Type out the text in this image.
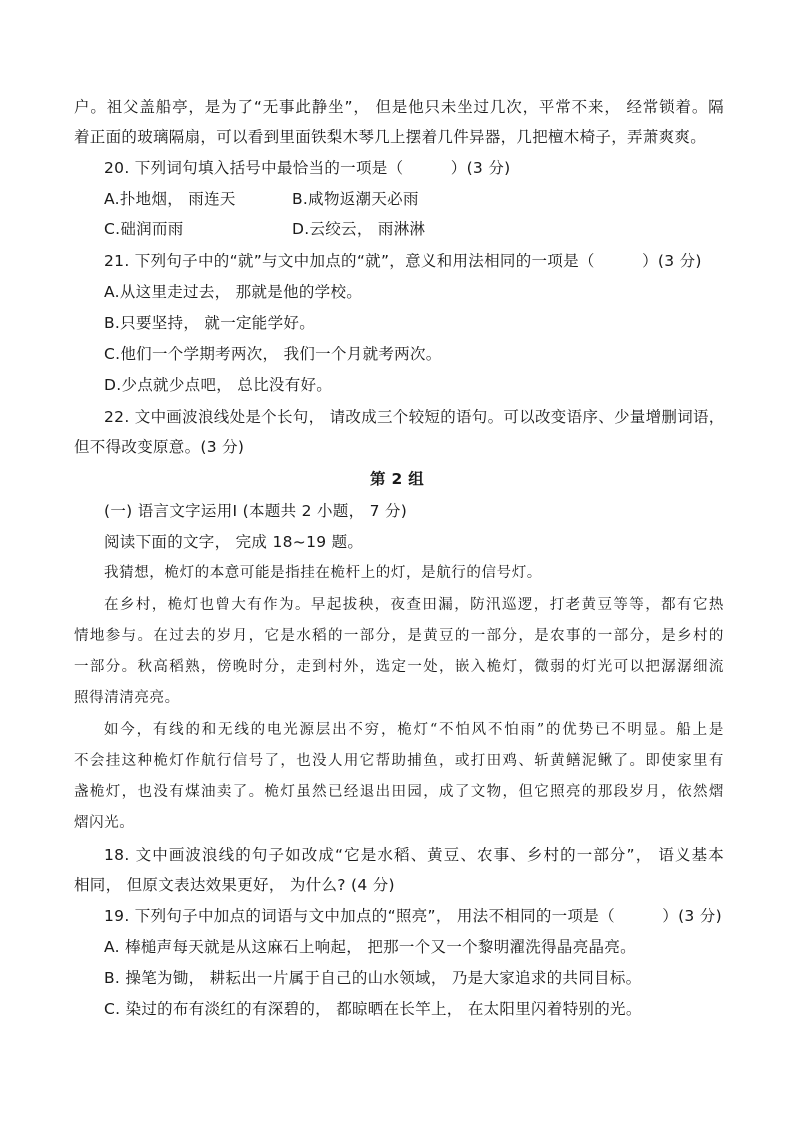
户。祖父盖船亭，是为了“无事此静坐”， 但是他只未坐过几次，平常不来， 经常锁着。隔
着正面的玻璃隔扇，可以看到里面铁梨木琴几上摆着几件异器，几把檀木椅子，弄萧爽爽。
20. 下列词句填入括号中最恰当的一项是（　　　）(3 分)
A.扑地烟， 雨连天	B.咸物返潮天必雨
C.础润而雨	D.云绞云， 雨淋淋
21. 下列句子中的“就”与文中加点的“就”，意义和用法相同的一项是（　　　）(3 分)
A.从这里走过去， 那就是他的学校。
B.只要坚持， 就一定能学好。
C.他们一个学期考两次， 我们一个月就考两次。
D.少点就少点吧， 总比没有好。
22. 文中画波浪线处是个长句， 请改成三个较短的语句。可以改变语序、少量增删词语，
但不得改变原意。(3 分)
第 2 组
(一) 语言文字运用Ⅰ (本题共 2 小题， 7 分)
阅读下面的文字， 完成 18~19 题。
我猜想，桅灯的本意可能是指挂在桅杆上的灯，是航行的信号灯。
在乡村，桅灯也曾大有作为。早起拔秧，夜查田漏，防汛巡逻，打老黄豆等等，都有它热
情地参与。在过去的岁月，它是水稻的一部分，是黄豆的一部分，是农事的一部分，是乡村的
一部分。秋高稻熟，傍晚时分，走到村外，选定一处，嵌入桅灯，微弱的灯光可以把潺潺细流
照得清清亮亮。
如今，有线的和无线的电光源层出不穷，桅灯“不怕风不怕雨”的优势已不明显。船上是
不会挂这种桅灯作航行信号了，也没人用它帮助捕鱼，或打田鸡、斩黄鳝泥鳅了。即使家里有
盏桅灯，也没有煤油卖了。桅灯虽然已经退出田园，成了文物，但它照亮的那段岁月，依然熠
熠闪光。
18. 文中画波浪线的句子如改成“它是水稻、黄豆、农事、乡村的一部分”， 语义基本
相同， 但原文表达效果更好， 为什么? (4 分)
19. 下列句子中加点的词语与文中加点的“照亮”， 用法不相同的一项是（　　　）(3 分)
A. 棒槌声每天就是从这麻石上响起， 把那一个又一个黎明濯洗得晶亮晶亮。
B. 操笔为锄， 耕耘出一片属于自己的山水领域， 乃是大家追求的共同目标。
C. 染过的布有淡红的有深碧的， 都晾晒在长竿上， 在太阳里闪着特别的光。
